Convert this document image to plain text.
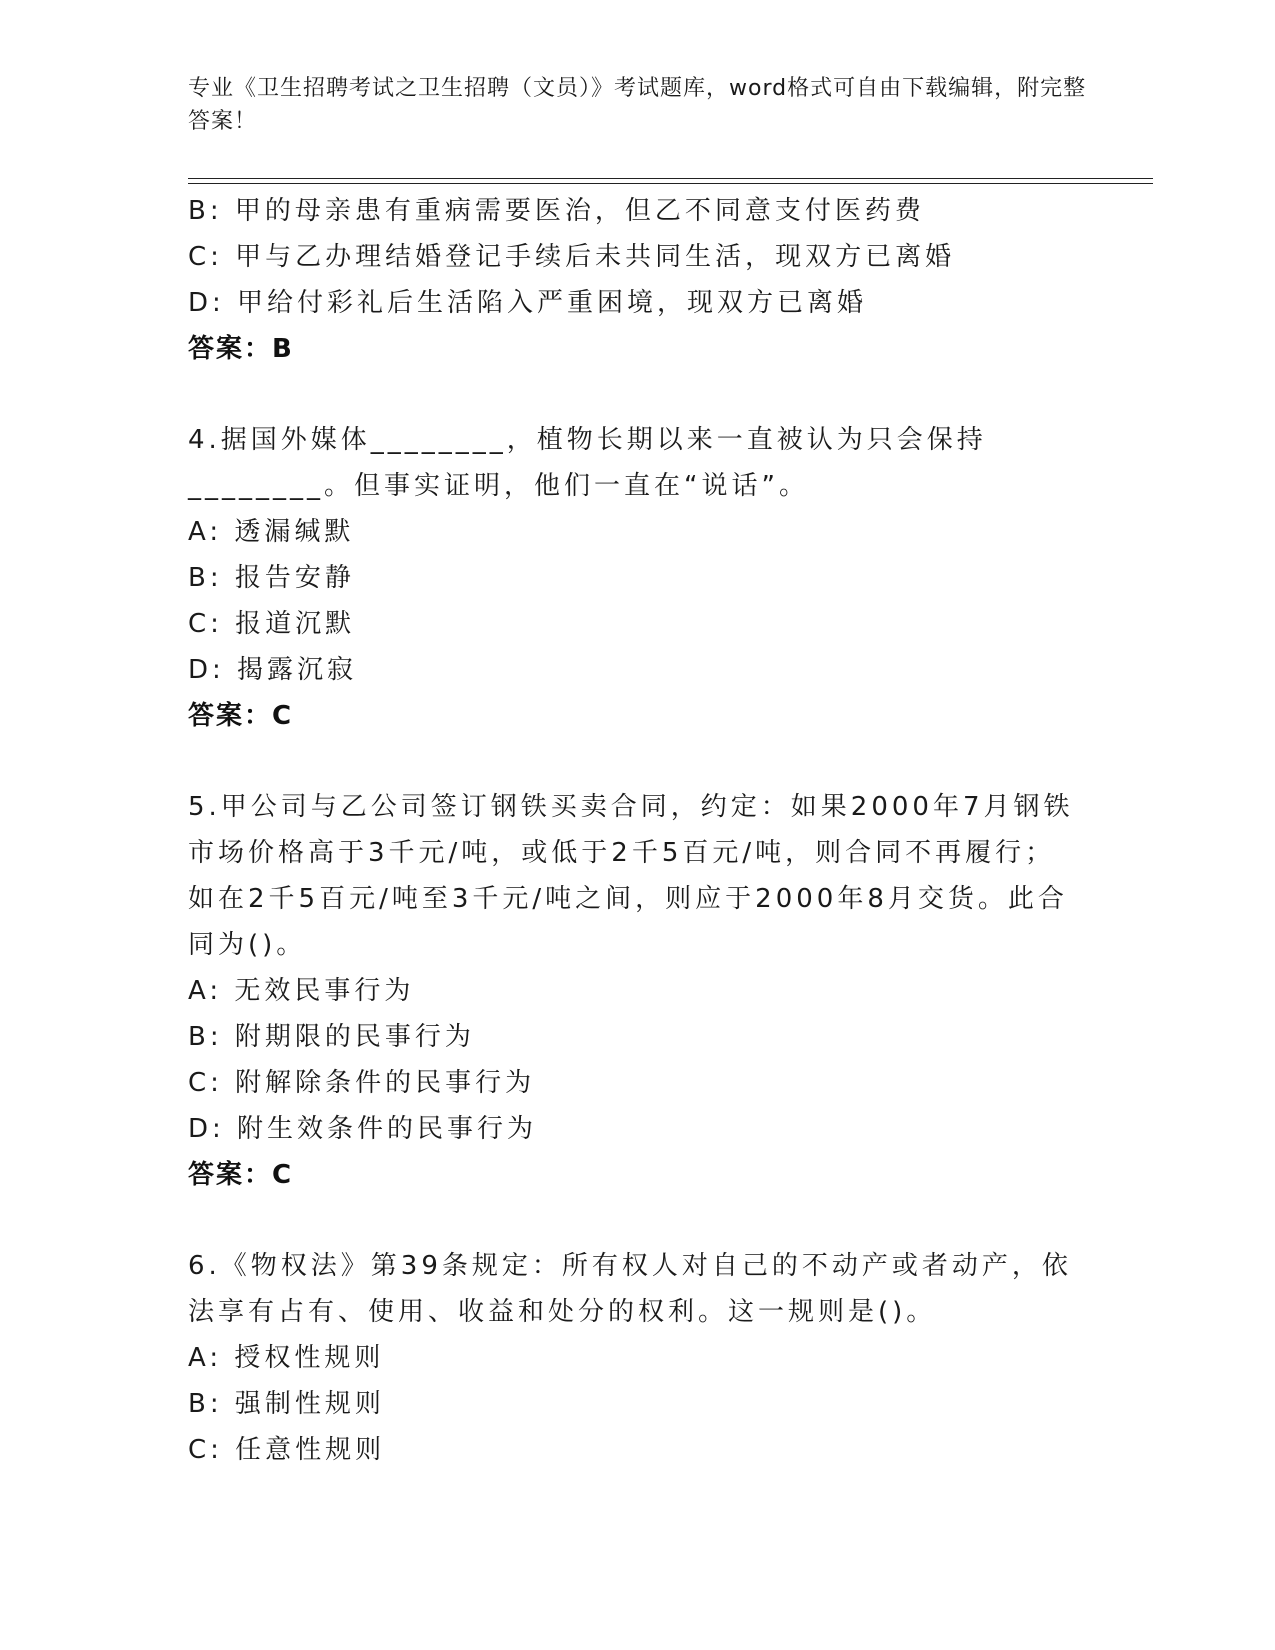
专业《卫生招聘考试之卫生招聘（文员）》考试题库，word格式可自由下载编辑，附完整答案！
B: 甲的母亲患有重病需要医治，但乙不同意支付医药费
C: 甲与乙办理结婚登记手续后未共同生活，现双方已离婚
D: 甲给付彩礼后生活陷入严重困境，现双方已离婚
答案：B
4.据国外媒体________，植物长期以来一直被认为只会保持________。但事实证明，他们一直在“说话”。
A: 透漏缄默
B: 报告安静
C: 报道沉默
D: 揭露沉寂
答案：C
5.甲公司与乙公司签订钢铁买卖合同，约定：如果2000年7月钢铁市场价格高于3千元/吨，或低于2千5百元/吨，则合同不再履行；如在2千5百元/吨至3千元/吨之间，则应于2000年8月交货。此合同为()。
A: 无效民事行为
B: 附期限的民事行为
C: 附解除条件的民事行为
D: 附生效条件的民事行为
答案：C
6.《物权法》第39条规定：所有权人对自己的不动产或者动产，依法享有占有、使用、收益和处分的权利。这一规则是()。
A: 授权性规则
B: 强制性规则
C: 任意性规则
